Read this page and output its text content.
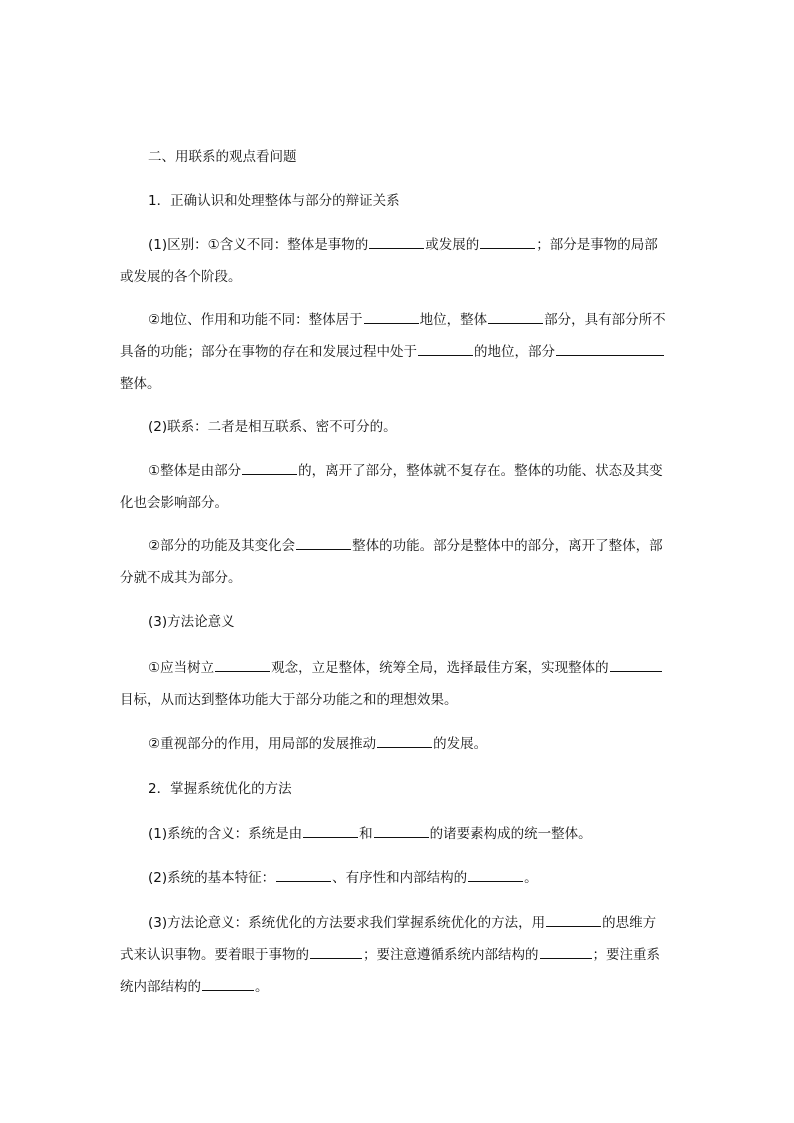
二、用联系的观点看问题
1．正确认识和处理整体与部分的辩证关系
(1)区别：①含义不同：整体是事物的	或发展的	；部分是事物的局部
或发展的各个阶段。
②地位、作用和功能不同：整体居于	地位，整体	部分，具有部分所不
具备的功能；部分在事物的存在和发展过程中处于	的地位，部分
整体。
(2)联系：二者是相互联系、密不可分的。
①整体是由部分	的，离开了部分，整体就不复存在。整体的功能、状态及其变
化也会影响部分。
②部分的功能及其变化会	整体的功能。部分是整体中的部分，离开了整体，部
分就不成其为部分。
(3)方法论意义
①应当树立	观念，立足整体，统筹全局，选择最佳方案，实现整体的
目标，从而达到整体功能大于部分功能之和的理想效果。
②重视部分的作用，用局部的发展推动	的发展。
2．掌握系统优化的方法
(1)系统的含义：系统是由	和	的诸要素构成的统一整体。
(2)系统的基本特征：	、有序性和内部结构的	。
(3)方法论意义：系统优化的方法要求我们掌握系统优化的方法，用	的思维方
式来认识事物。要着眼于事物的	；要注意遵循系统内部结构的	；要注重系
统内部结构的	。
